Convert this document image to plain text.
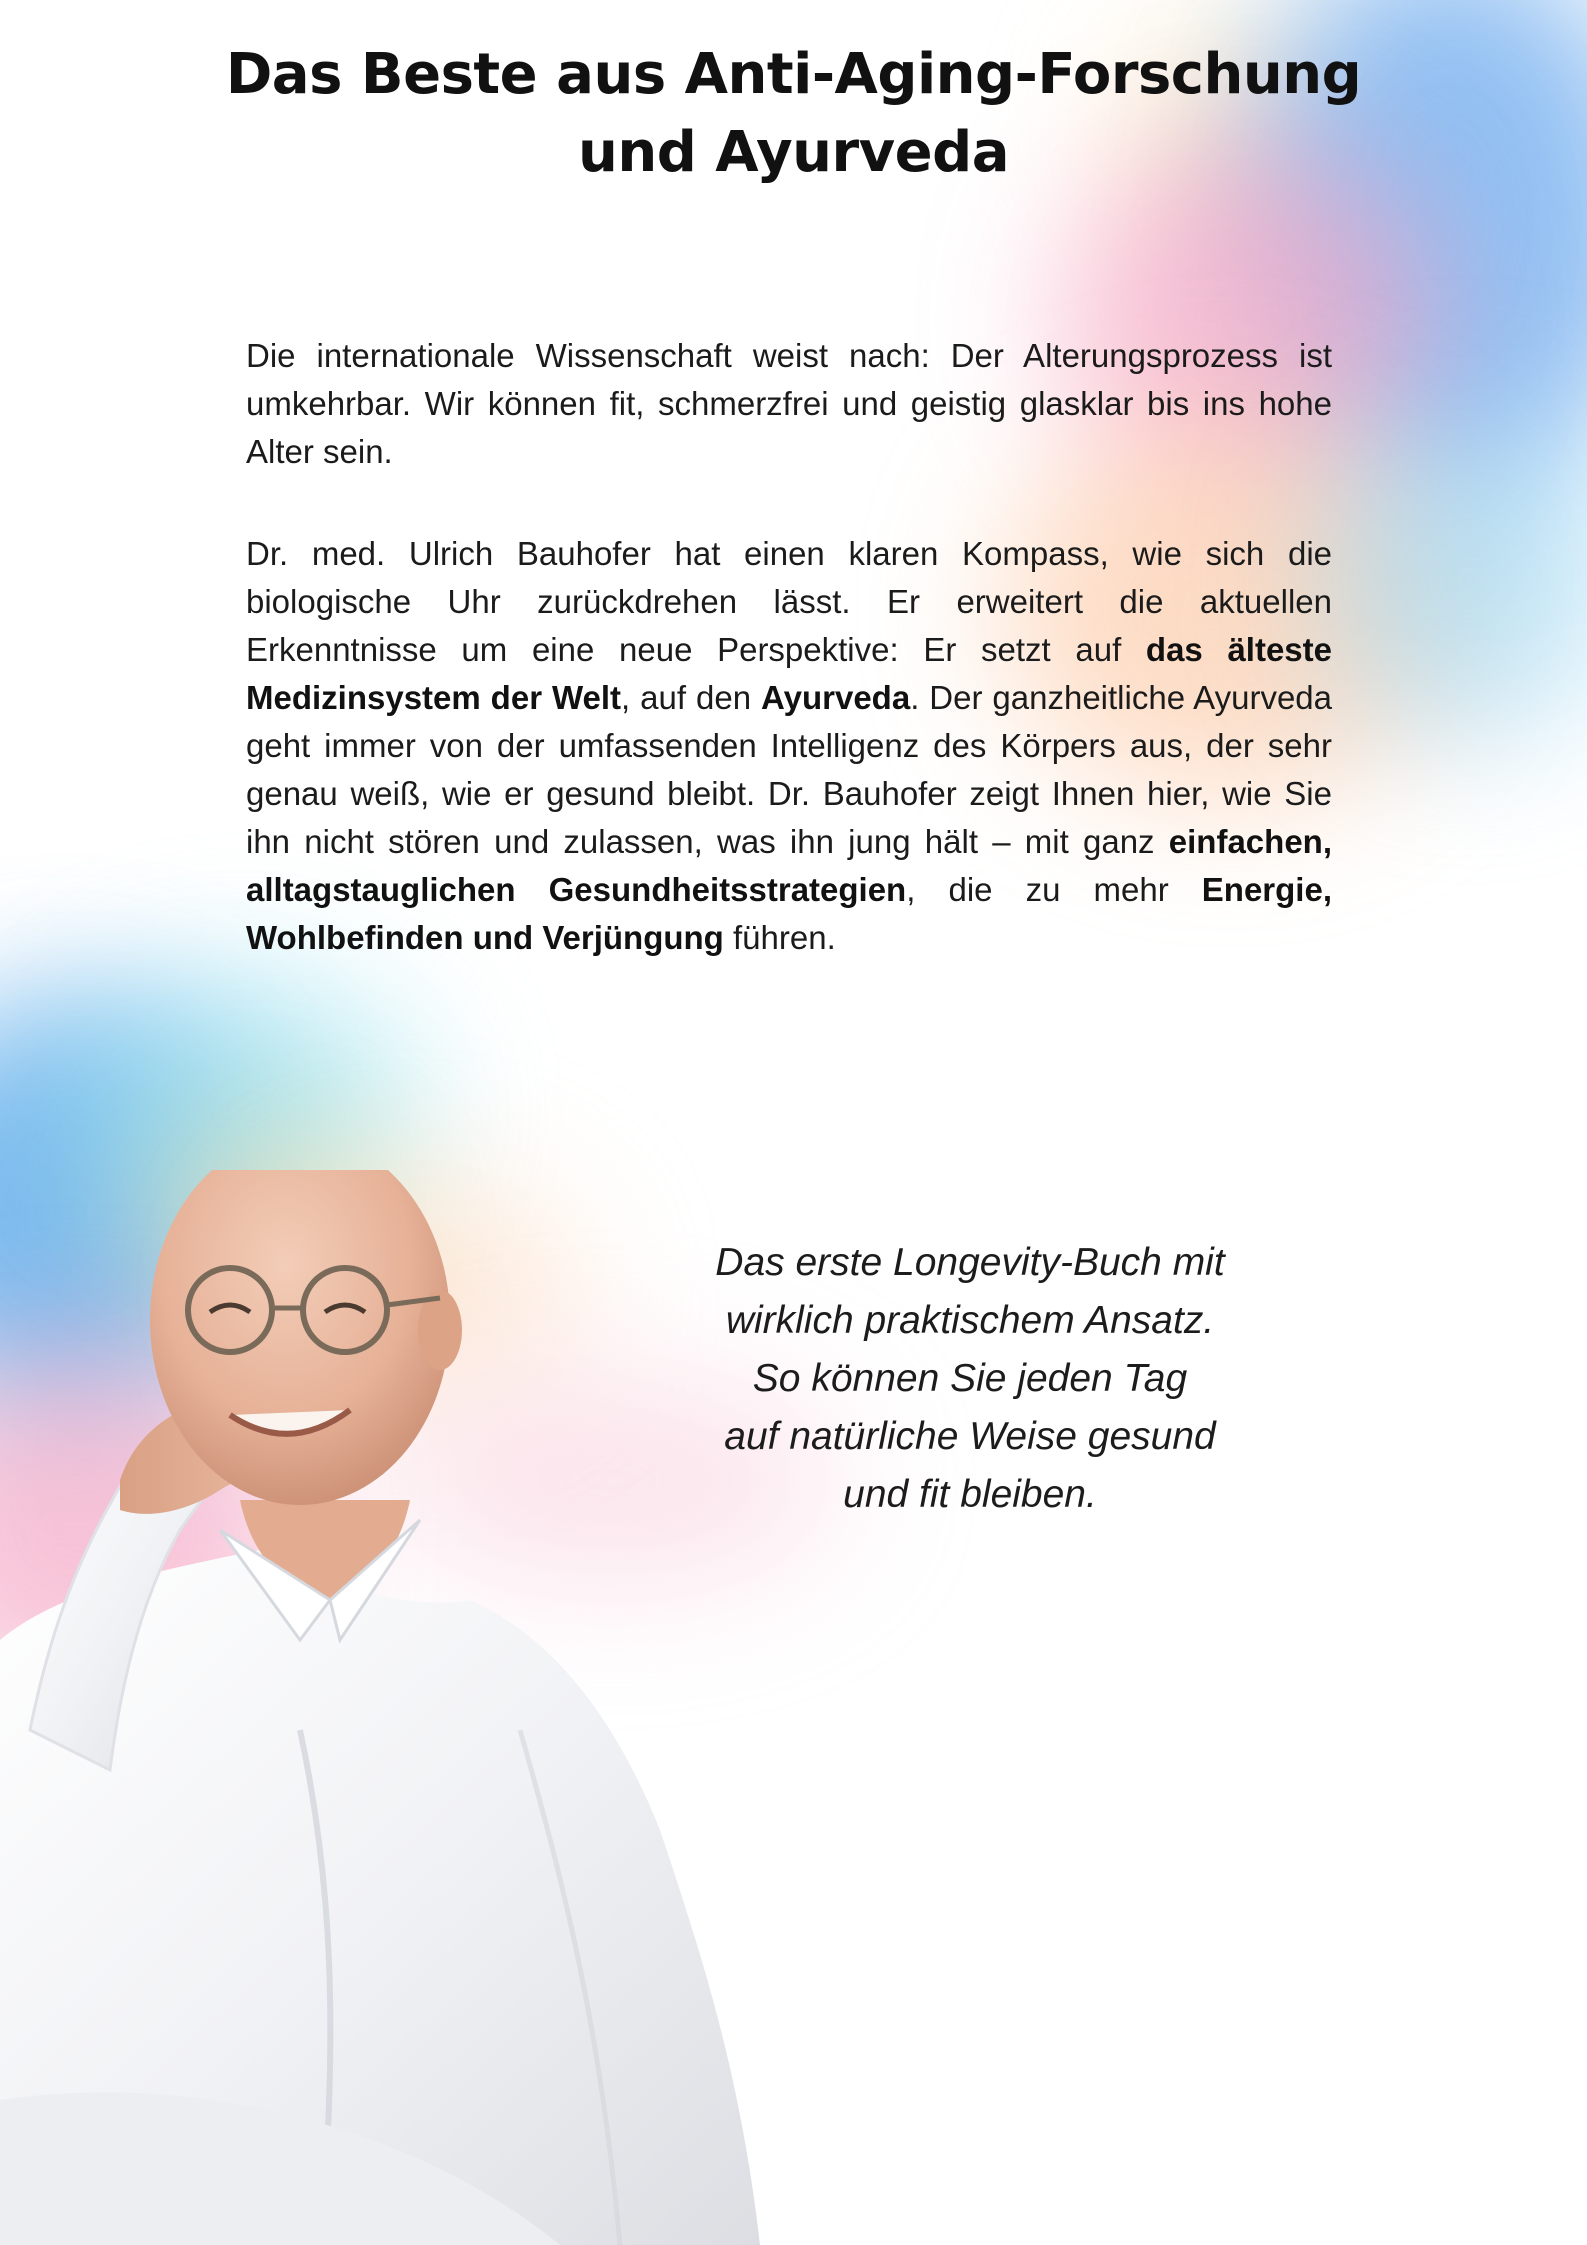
Das Beste aus Anti-Aging-Forschung
und Ayurveda

Die internationale Wissenschaft weist nach: Der Alterungsprozess ist umkehrbar. Wir können fit, schmerzfrei und geistig glasklar bis ins hohe Alter sein.

Dr. med. Ulrich Bauhofer hat einen klaren Kompass, wie sich die biologische Uhr zurückdrehen lässt. Er erweitert die aktuellen Erkenntnisse um eine neue Perspektive: Er setzt auf das älteste Medizinsystem der Welt, auf den Ayurveda. Der ganzheitliche Ayurveda geht immer von der umfassenden Intelligenz des Körpers aus, der sehr genau weiß, wie er gesund bleibt. Dr. Bauhofer zeigt Ihnen hier, wie Sie ihn nicht stören und zulassen, was ihn jung hält – mit ganz einfachen, alltagstauglichen Gesundheitsstrategien, die zu mehr Energie, Wohlbefinden und Verjüngung führen.

Das erste Longevity-Buch mit
wirklich praktischem Ansatz.
So können Sie jeden Tag
auf natürliche Weise gesund
und fit bleiben.
